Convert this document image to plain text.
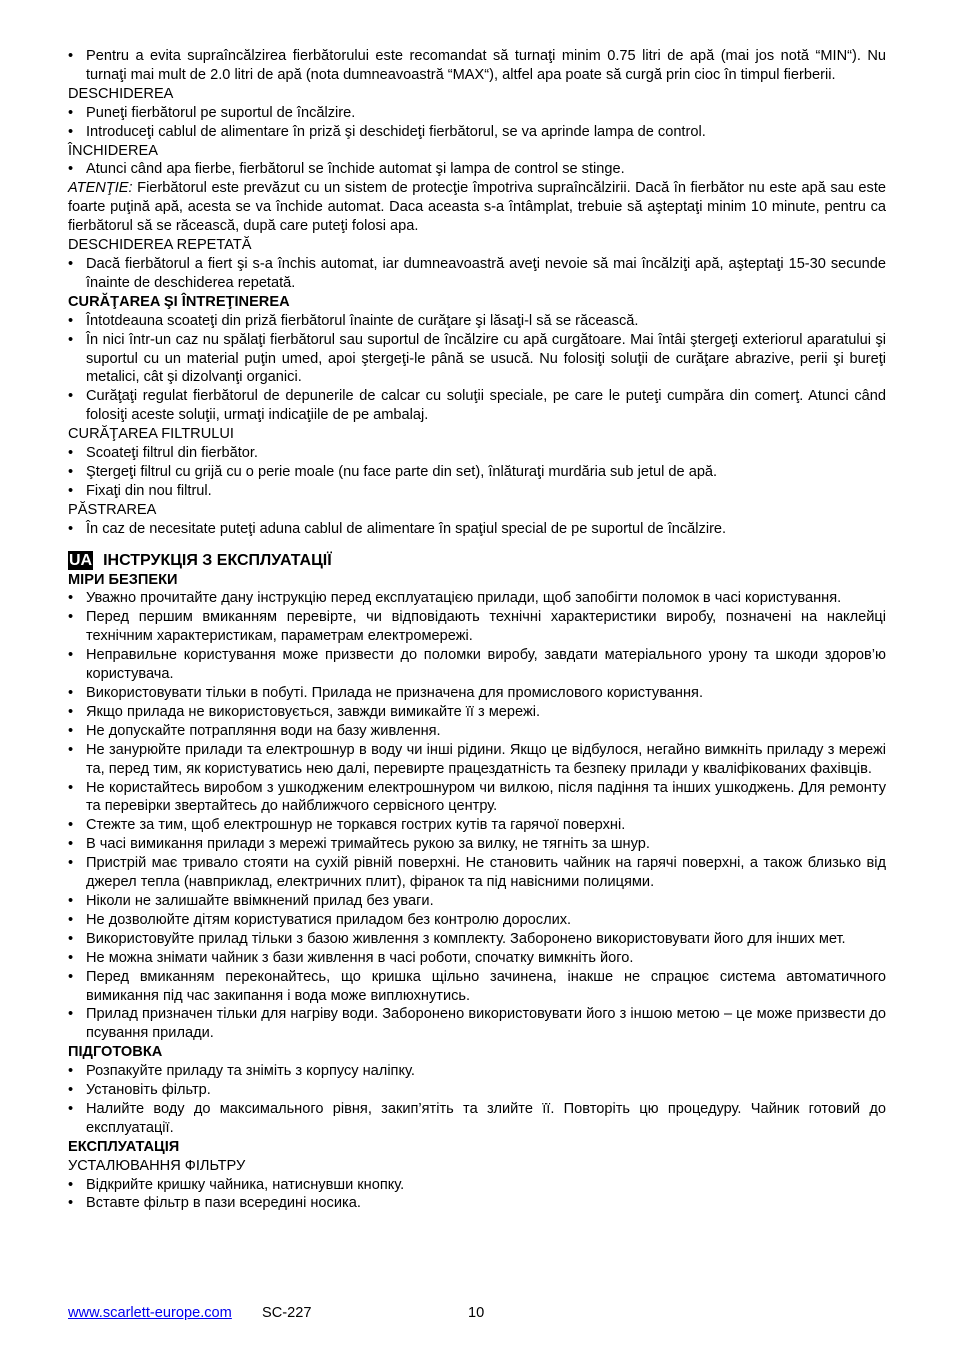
• Pentru a evita supraîncălzirea fierbătorului este recomandat să turnaţi minim 0.75 litri de apă (mai jos notă “MIN“). Nu turnaţi mai mult de 2.0 litri de apă (nota dumneavoastră “MAX“), altfel apa poate să curgă prin cioc în timpul fierberii.
DESCHIDEREA
• Puneţi fierbătorul pe suportul de încălzire.
• Introduceţi cablul de alimentare în priză şi deschideţi fierbătorul, se va aprinde lampa de control.
ÎNCHIDEREA
• Atunci când apa fierbe, fierbătorul se închide automat şi lampa de control se stinge.
ATENŢIE: Fierbătorul este prevăzut cu un sistem de protecţie împotriva supraîncălzirii. Dacă în fierbător nu este apă sau este foarte puţină apă, acesta se va închide automat. Daca aceasta s-a întâmplat, trebuie să aşteptaţi minim 10 minute, pentru ca fierbătorul să se răcească, după care puteţi folosi apa.
DESCHIDEREA REPETATĂ
• Dacă fierbătorul a fiert şi s-a închis automat, iar dumneavoastră aveţi nevoie să mai încălziţi apă, aşteptaţi 15-30 secunde înainte de deschiderea repetată.
CURĂŢAREA ŞI ÎNTREŢINEREA
• Întotdeauna scoateţi din priză fierbătorul înainte de curăţare şi lăsaţi-l să se răcească.
• În nici într-un caz nu spălaţi fierbătorul sau suportul de încălzire cu apă curgătoare. Mai întâi ştergeţi exteriorul aparatului şi suportul cu un material puţin umed, apoi ştergeţi-le până se usucă. Nu folosiţi soluţii de curăţare abrazive, perii şi bureţi metalici, cât şi dizolvanţi organici.
• Curăţaţi regulat fierbătorul de depunerile de calcar cu soluţii speciale, pe care le puteţi cumpăra din comerţ. Atunci când folosiţi aceste soluţii, urmaţi indicaţiile de pe ambalaj.
CURĂŢAREA FILTRULUI
• Scoateţi filtrul din fierbător.
• Ştergeţi filtrul cu grijă cu o perie moale (nu face parte din set), înlăturaţi murdăria sub jetul de apă.
• Fixaţi din nou filtrul.
PĂSTRAREA
• În caz de necesitate puteţi aduna cablul de alimentare în spaţiul special de pe suportul de încălzire.
UA ІНСТРУКЦІЯ З ЕКСПЛУАТАЦІЇ
МІРИ БЕЗПЕКИ
• Уважно прочитайте дану інструкцію перед експлуатацією прилади, щоб запобігти поломок в часі користування.
• Перед першим вмиканням перевірте, чи відповідають технічні характеристики виробу, позначені на наклейці технічним характеристикам, параметрам електромережі.
• Неправильне користування може призвести до поломки виробу, завдати матеріального урону та шкоди здоров’ю користувача.
• Використовувати тільки в побуті. Прилада не призначена для промислового користування.
• Якщо прилада не використовується, завжди вимикайте її з мережі.
• Не допускайте потрапляння води на базу живлення.
• Не занурюйте прилади та електрошнур в воду чи інші рідини. Якщо це відбулося, негайно вимкніть приладу з мережі та, перед тим, як користуватись нею далі, перевирте працездатність та безпеку прилади у кваліфікованих фахівців.
• Не користайтесь виробом з ушкодженим електрошнуром чи вилкою, після падіння та інших ушкоджень. Для ремонту та перевірки звертайтесь до найближчого сервісного центру.
• Стежте за тим, щоб електрошнур не торкався гострих кутів та гарячої поверхні.
• В часі вимикання прилади з мережі тримайтесь рукою за вилку, не тягніть за шнур.
• Пристрій має тривало стояти на сухій рівній поверхні. Не становить чайник на гарячі поверхні, а також близько від джерел тепла (навприклад, електричних плит), фіранок та під навісними полицями.
• Ніколи не залишайте ввімкнений прилад без уваги.
• Не дозволюйте дітям користуватися приладом без контролю дорослих.
• Використовуйте прилад тільки з базою живлення з комплекту. Заборонено використовувати його для інших мет.
• Не можна знімати чайник з бази живлення в часі роботи, спочатку вимкніть його.
• Перед вмиканням переконайтесь, що кришка щільно зачинена, інакше не спрацює система автоматичного вимикання під час закипання і вода може виплюхнутись.
• Прилад призначен тільки для нагріву води. Заборонено використовувати його з іншою метою – це може призвести до псування прилади.
ПІДГОТОВКА
• Розпакуйте приладу та зніміть з корпусу наліпку.
• Установіть фільтр.
• Налийте воду до максимального рівня, закип’ятіть та злийте її. Повторіть цю процедуру. Чайник готовий до експлуатації.
ЕКСПЛУАТАЦІЯ
УСТАЛЮВАННЯ ФІЛЬТРУ
• Відкрийте кришку чайника, натиснувши кнопку.
• Вставте фільтр в пази всередині носика.
www.scarlett-europe.com SC-227	10
